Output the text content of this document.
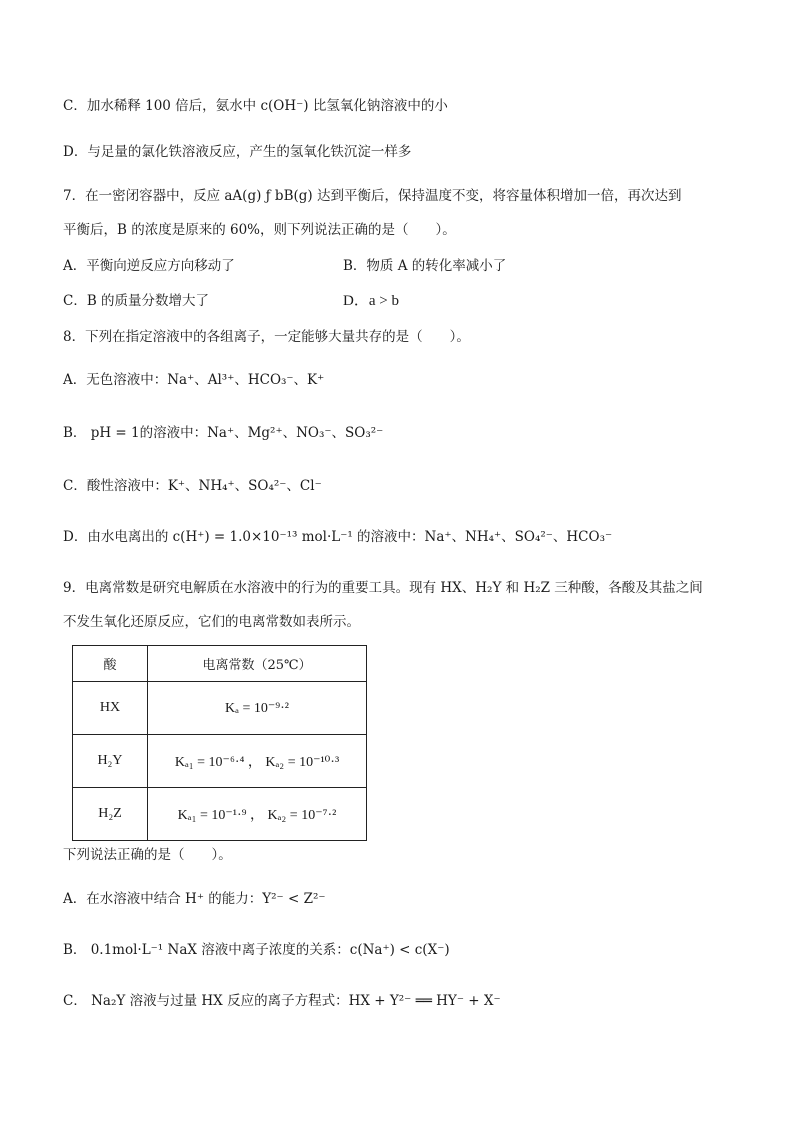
C．加水稀释 100 倍后，氨水中 c(OH⁻) 比氢氧化钠溶液中的小
D．与足量的氯化铁溶液反应，产生的氢氧化铁沉淀一样多
7．在一密闭容器中，反应 aA(g) ƒ bB(g) 达到平衡后，保持温度不变，将容量体积增加一倍，再次达到
平衡后，B 的浓度是原来的 60%，则下列说法正确的是（　　）。
A．平衡向逆反应方向移动了	B．物质 A 的转化率减小了
C．B 的质量分数增大了	D．a > b
8．下列在指定溶液中的各组离子，一定能够大量共存的是（　　）。
A．无色溶液中：Na⁺、Al³⁺、HCO₃⁻、K⁺
B． pH = 1的溶液中：Na⁺、Mg²⁺、NO₃⁻、SO₃²⁻
C．酸性溶液中：K⁺、NH₄⁺、SO₄²⁻、Cl⁻
D．由水电离出的 c(H⁺) = 1.0×10⁻¹³ mol·L⁻¹ 的溶液中：Na⁺、NH₄⁺、SO₄²⁻、HCO₃⁻
9．电离常数是研究电解质在水溶液中的行为的重要工具。现有 HX、H₂Y 和 H₂Z 三种酸，各酸及其盐之间
不发生氧化还原反应，它们的电离常数如表所示。
酸	电离常数（25℃）
HX	Kₐ = 10⁻⁹·²
H₂Y	Kₐ₁ = 10⁻⁶·⁴ ， Kₐ₂ = 10⁻¹⁰·³
H₂Z	Kₐ₁ = 10⁻¹·⁹ ， Kₐ₂ = 10⁻⁷·²
下列说法正确的是（　　）。
A．在水溶液中结合 H⁺ 的能力：Y²⁻ < Z²⁻
B． 0.1mol·L⁻¹ NaX 溶液中离子浓度的关系：c(Na⁺) < c(X⁻)
C． Na₂Y 溶液与过量 HX 反应的离子方程式：HX + Y²⁻ ══ HY⁻ + X⁻
